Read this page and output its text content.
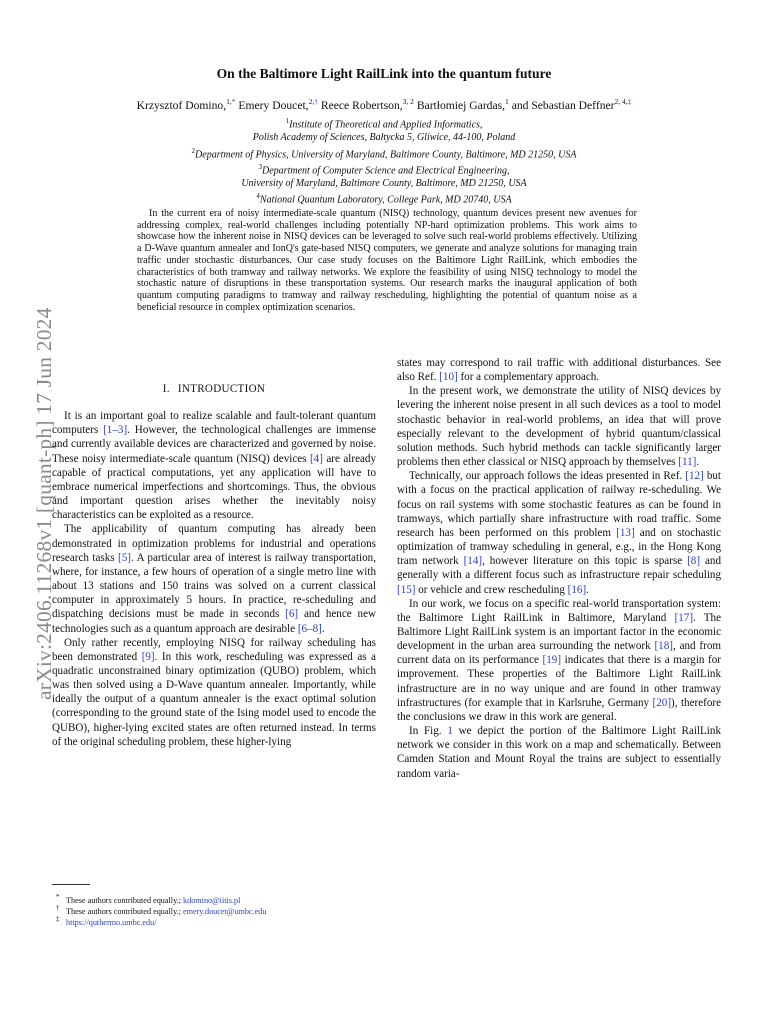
arXiv:2406.11268v1 [quant-ph] 17 Jun 2024
On the Baltimore Light RailLink into the quantum future
Krzysztof Domino,$^{1,*}$ Emery Doucet,$^{2,\dagger}$ Reece Robertson,$^{3, 2}$ Bartłomiej Gardas,$^1$ and Sebastian Deffner$^{2, 4,\ddagger}$
$^1$Institute of Theoretical and Applied Informatics,
Polish Academy of Sciences, Bałtycka 5, Gliwice, 44-100, Poland
$^2$Department of Physics, University of Maryland, Baltimore County, Baltimore, MD 21250, USA
$^3$Department of Computer Science and Electrical Engineering,
University of Maryland, Baltimore County, Baltimore, MD 21250, USA
$^4$National Quantum Laboratory, College Park, MD 20740, USA
In the current era of noisy intermediate-scale quantum (NISQ) technology, quantum devices present new avenues for addressing complex, real-world challenges including potentially NP-hard optimization problems. This work aims to showcase how the inherent noise in NISQ devices can be leveraged to solve such real-world problems effectively. Utilizing a D-Wave quantum annealer and IonQ's gate-based NISQ computers, we generate and analyze solutions for managing train traffic under stochastic disturbances. Our case study focuses on the Baltimore Light RailLink, which embodies the characteristics of both tramway and railway networks. We explore the feasibility of using NISQ technology to model the stochastic nature of disruptions in these transportation systems. Our research marks the inaugural application of both quantum computing paradigms to tramway and railway rescheduling, highlighting the potential of quantum noise as a beneficial resource in complex optimization scenarios.
I. INTRODUCTION

It is an important goal to realize scalable and fault-tolerant quantum computers [1–3]. However, the technological challenges are immense and currently available devices are characterized and governed by noise. These noisy intermediate-scale quantum (NISQ) devices [4] are already capable of practical computations, yet any application will have to embrace numerical imperfections and shortcomings. Thus, the obvious and important question arises whether the inevitably noisy characteristics can be exploited as a resource.

The applicability of quantum computing has already been demonstrated in optimization problems for industrial and operations research tasks [5]. A particular area of interest is railway transportation, where, for instance, a few hours of operation of a single metro line with about 13 stations and 150 trains was solved on a current classical computer in approximately 5 hours. In practice, re-scheduling and dispatching decisions must be made in seconds [6] and hence new technologies such as a quantum approach are desirable [6–8].

Only rather recently, employing NISQ for railway scheduling has been demonstrated [9]. In this work, rescheduling was expressed as a quadratic unconstrained binary optimization (QUBO) problem, which was then solved using a D-Wave quantum annealer. Importantly, while ideally the output of a quantum annealer is the exact optimal solution (corresponding to the ground state of the Ising model used to encode the QUBO), higher-lying excited states are often returned instead. In terms of the original scheduling problem, these higher-lying

states may correspond to rail traffic with additional disturbances. See also Ref. [10] for a complementary approach.

In the present work, we demonstrate the utility of NISQ devices by levering the inherent noise present in all such devices as a tool to model stochastic behavior in real-world problems, an idea that will prove especially relevant to the development of hybrid quantum/classical solution methods. Such hybrid methods can tackle significantly larger problems then ether classical or NISQ approach by themselves [11].

Technically, our approach follows the ideas presented in Ref. [12] but with a focus on the practical application of railway re-scheduling. We focus on rail systems with some stochastic features as can be found in tramways, which partially share infrastructure with road traffic. Some research has been performed on this problem [13] and on stochastic optimization of tramway scheduling in general, e.g., in the Hong Kong tram network [14], however literature on this topic is sparse [8] and generally with a different focus such as infrastructure repair scheduling [15] or vehicle and crew rescheduling [16].

In our work, we focus on a specific real-world transportation system: the Baltimore Light RailLink in Baltimore, Maryland [17]. The Baltimore Light RailLink system is an important factor in the economic development in the urban area surrounding the network [18], and from current data on its performance [19] indicates that there is a margin for improvement. These properties of the Baltimore Light RailLink infrastructure are in no way unique and are found in other tramway infrastructures (for example that in Karlsruhe, Germany [20]), therefore the conclusions we draw in this work are general.

In Fig. 1 we depict the portion of the Baltimore Light RailLink network we consider in this work on a map and schematically. Between Camden Station and Mount Royal the trains are subject to essentially random varia-

* These authors contributed equally.; kdomino@iitis.pl
† These authors contributed equally.; emery.doucet@umbc.edu
‡ https://quthermo.umbc.edu/
